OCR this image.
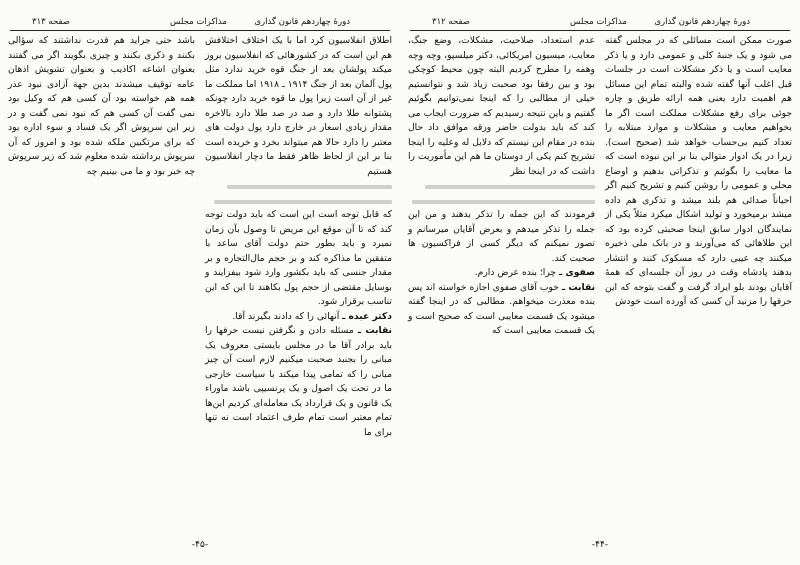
دورهٔ چهاردهم قانون گذاری
مذاکرات مجلس
صفحه ۳۱۳

اطلاق انفلاسیون کرد اما با یک اختلاف اختلافش هم این است که در کشورهائی که انفلاسیون بروز میکند پولشان بعد از جنگ قوه خرید ندارد مثل پول آلمان بعد از جنگ ۱۹۱۴ ـ ۱۹۱۸ اما مملکت ما غیر از آن است زیرا پول ما قوه خرید دارد چونکه پشتوانه طلا دارد و صد در صد طلا دارد بالاخره مقدار زیادی اسعار در خارج دارد پول دولت های معتبر را دارد حالا هم میتواند بخرد و خریده است بنا بر این از لحاظ ظاهر فقط ما دچار انفلاسیون هستیم

که قابل توجه است این است که باید دولت توجه کند که تا آن موقع این مریض تا وصول بآن زمان نمیرد و باید بطور حتم دولت آقای ساعد با متفقین ما مذاکره کند و بر حجم مال‌التجاره و بر مقدار جنسی که باید بکشور وارد شود بیفزایند و بوسایل مقتضی از حجم پول بکاهند تا این که این تناسب برقرار شود.

دکتر عبده ـ آنهائی را که دادند بگیرند آقا.

نقابت ـ مسئله دادن و نگرفتن نیست حرفها را باید برادر آقا ما در مجلس بایستی معروف یک مبانی را بجنبد صحبت میکنیم لازم است آن چیز مبانی را که تمامی پیدا میکند با سیاست خارجی ما در تحت یک اصول و یک پرنسیپی باشد ماوراء یک قانون و یک قرارداد یک معامله‌ای کردیم این‌ها تمام معتبر است تمام طرف اعتماد است نه تنها برای ما

باشد حتی جراید هم قدرت نداشتند که سؤالی بکنند و ذکری بکنند و چیزی بگویند اگر می گفتند بعنوان اشاعه اکاذیب و بعنوان تشویش اذهان عامه توقیف میشدند بدین جهة آزادی نبود عذر همه هم خواسته بود آن کسی هم که وکیل بود نمی گفت آن کسی هم که نبود نمی گفت و در زیر این سرپوش اگر یک فساد و سوء اداره بود که برای مرتکبین ملکه شده بود و امروز که آن سرپوش برداشته شده معلوم شد که زیر سرپوش چه خبر بود و ما می بینیم چه

-۴۵-
دورهٔ چهاردهم قانون گذاری
مذاکرات مجلس
صفحه ۳۱۲

صورت ممکن است مسائلی که در مجلس گفته می شود و یک جنبهٔ کلی و عمومی دارد و یا ذکر معایب است و یا ذکر مشکلات است در جلسات قبل اغلب آنها گفته شده والبته تمام این مسائل هم اهمیت دارد یعنی همه ارائه طریق و چاره جوئی برای رفع مشکلات مملکت است اگر ما بخواهیم معایب و مشکلات و موارد مبتلابه را تعداد کنیم بی‌حساب خواهد شد (صحیح است). زیرا در یک ادوار متوالی بنا بر این نبوده است که ما معایب را بگوئیم و تذکراتی بدهیم و اوضاع محلی و عمومی را روشن کنیم و تشریح کنیم اگر احیاناً صدائی هم بلند میشد و تذکری هم داده میشد برمیخورد و تولید اشکال میکرد مثلاً یکی از نمایندگان ادوار سابق اینجا صحبتی کرده بود که این طلاهائی که می‌آورند و در بانک ملی ذخیره میکنند چه عیبی دارد که مسکوک کنند و انتشار بدهند پادشاه وقت در روز آن جلسه‌ای که همهٔ آقایان بودند بلو ایراد گرفت و گفت بتوجه که این حرفها را مزنید آن کسی که آورده است خودش

عدم استعداد، صلاحیت، مشکلات، وضع جنگ، معایب، میسیون امریکائی، دکتر میلسپو، وچه وچه وهمه را مطرح کردیم البته چون محیط کوچکی بود و بین رفقا بود صحبت زیاد شد و نتوانستیم خیلی از مطالبی را که اینجا نمی‌توانیم بگوئیم گفتیم و باین نتیجه رسیدیم که ضرورت ایجاب می کند که باید بدولت حاضر ورقه موافق داد حال بنده در مقام این نیستم که دلایل له وعلیه را اینجا تشریح کنم یکی از دوستان ما هم این مأموریت را داشت که در اینجا نظر

فرمودند که این جمله را تذکر بدهند و من این جمله را تذکر میدهم و بعرض آقایان میرسانم و تصور نمیکنم که دیگر کسی از فراکسیون ها صحبت کند.

صفوی ـ چرا؛ بنده عرض دارم.

نقابت ـ خوب آقای صفوی اجازه خواسته اند پس بنده معذرت میخواهم. مطالبی که در اینجا گفته میشود یک قسمت معایبی است که صحیح است و یک قسمت معایبی است که

-۴۴-
